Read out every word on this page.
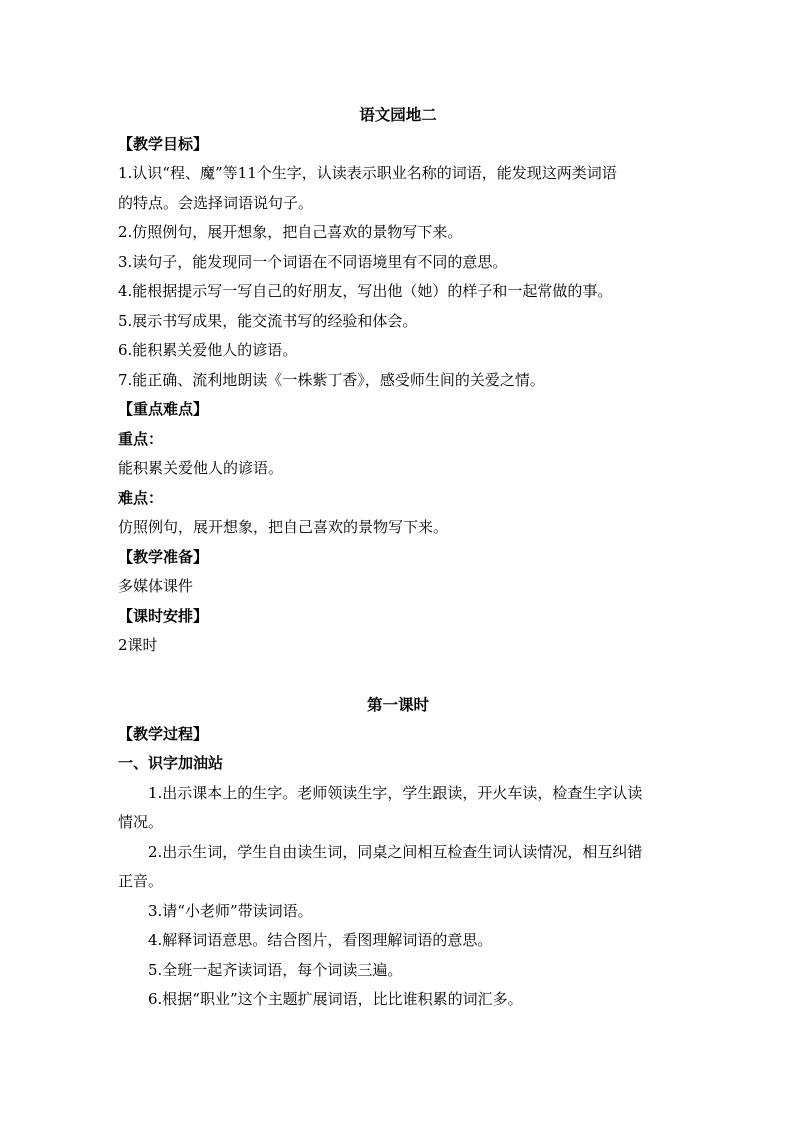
语文园地二
【教学目标】
1.认识“程、魔”等11个生字，认读表示职业名称的词语，能发现这两类词语
的特点。会选择词语说句子。
2.仿照例句，展开想象，把自己喜欢的景物写下来。
3.读句子，能发现同一个词语在不同语境里有不同的意思。
4.能根据提示写一写自己的好朋友，写出他（她）的样子和一起常做的事。
5.展示书写成果，能交流书写的经验和体会。
6.能积累关爱他人的谚语。
7.能正确、流利地朗读《一株紫丁香》，感受师生间的关爱之情。
【重点难点】
重点：
能积累关爱他人的谚语。
难点：
仿照例句，展开想象，把自己喜欢的景物写下来。
【教学准备】
多媒体课件
【课时安排】
2课时
第一课时
【教学过程】
一、识字加油站
1.出示课本上的生字。老师领读生字，学生跟读，开火车读，检查生字认读
情况。
2.出示生词，学生自由读生词，同桌之间相互检查生词认读情况，相互纠错
正音。
3.请“小老师”带读词语。
4.解释词语意思。结合图片，看图理解词语的意思。
5.全班一起齐读词语，每个词读三遍。
6.根据“职业”这个主题扩展词语，比比谁积累的词汇多。
